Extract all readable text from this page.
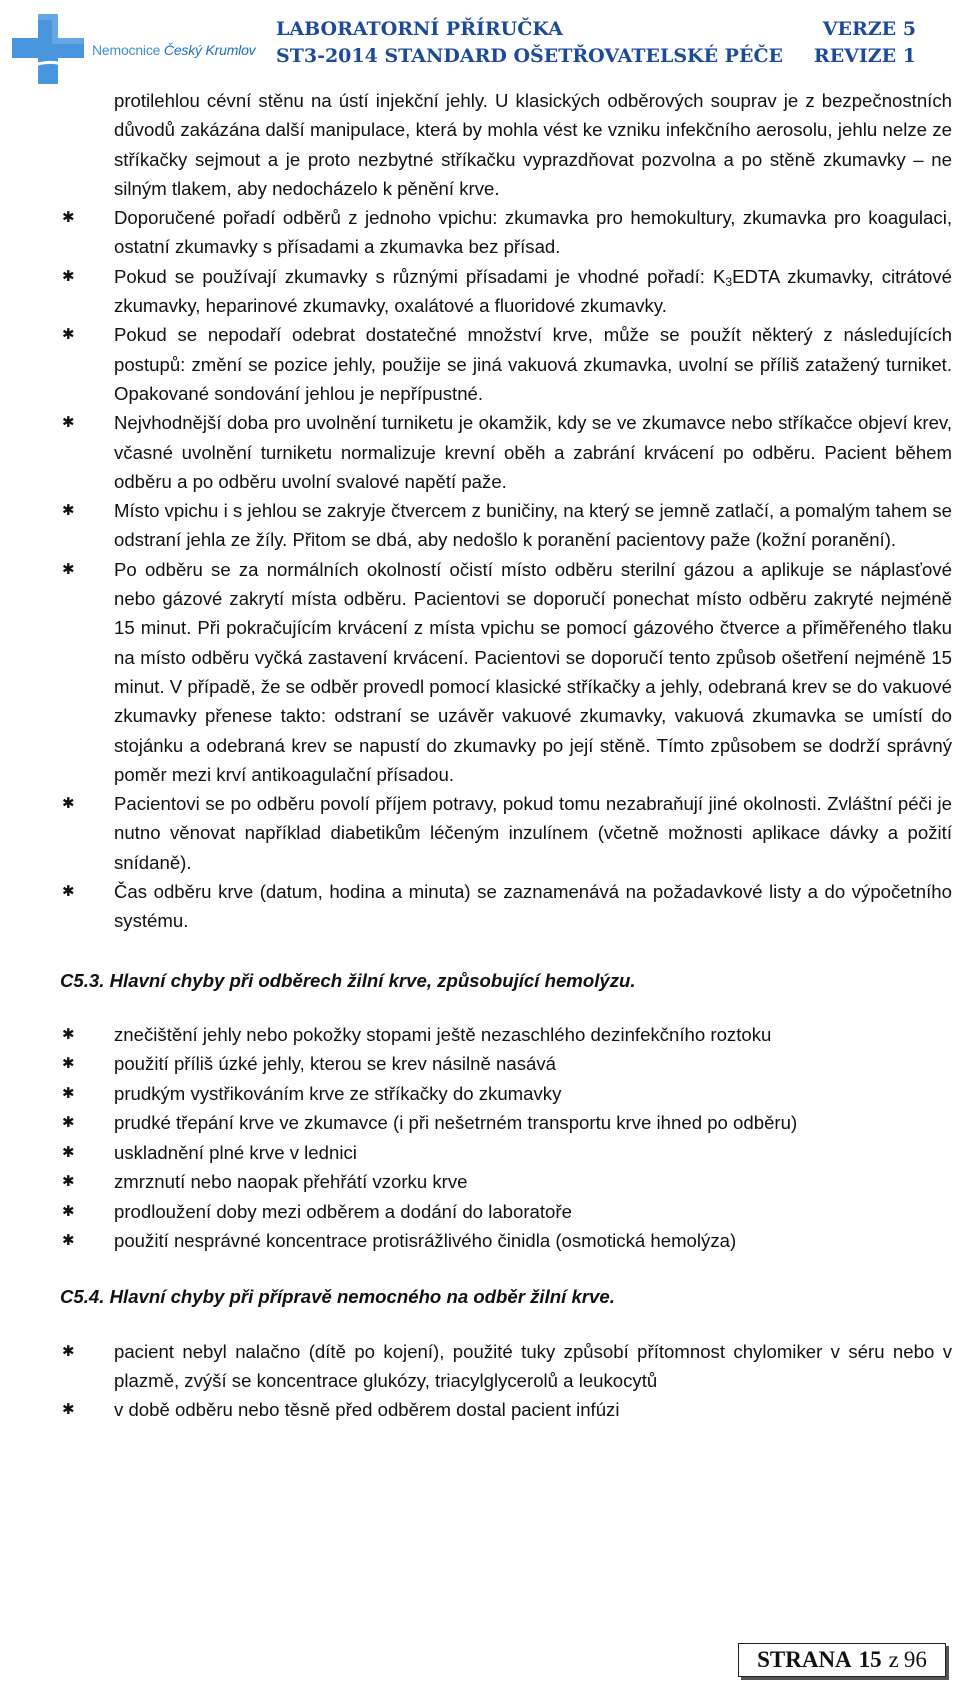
Nemocnice Český Krumlov
LABORATORNÍ PŘÍRUČKA	VERZE 5
ST3-2014 STANDARD OŠETŘOVATELSKÉ PÉČE REVIZE 1

protilehlou cévní stěnu na ústí injekční jehly. U klasických odběrových souprav je z bezpečnostních důvodů zakázána další manipulace, která by mohla vést ke vzniku infekčního aerosolu, jehlu nelze ze stříkačky sejmout a je proto nezbytné stříkačku vyprazdňovat pozvolna a po stěně zkumavky – ne silným tlakem, aby nedocházelo k pěnění krve.

✱	Doporučené pořadí odběrů z jednoho vpichu: zkumavka pro hemokultury, zkumavka pro koagulaci, ostatní zkumavky s přísadami a zkumavka bez přísad.
✱	Pokud se používají zkumavky s různými přísadami je vhodné pořadí: $K_3EDTA$ zkumavky, citrátové zkumavky, heparinové zkumavky, oxalátové a fluoridové zkumavky.
✱	Pokud se nepodaří odebrat dostatečné množství krve, může se použít některý z následujících postupů: změní se pozice jehly, použije se jiná vakuová zkumavka, uvolní se příliš zatažený turniket. Opakované sondování jehlou je nepřípustné.
✱	Nejvhodnější doba pro uvolnění turniketu je okamžik, kdy se ve zkumavce nebo stříkačce objeví krev, včasné uvolnění turniketu normalizuje krevní oběh a zabrání krvácení po odběru. Pacient během odběru a po odběru uvolní svalové napětí paže.
✱	Místo vpichu i s jehlou se zakryje čtvercem z buničiny, na který se jemně zatlačí, a pomalým tahem se odstraní jehla ze žíly. Přitom se dbá, aby nedošlo k poranění pacientovy paže (kožní poranění).
✱	Po odběru se za normálních okolností očistí místo odběru sterilní gázou a aplikuje se náplasťové nebo gázové zakrytí místa odběru. Pacientovi se doporučí ponechat místo odběru zakryté nejméně 15 minut. Při pokračujícím krvácení z místa vpichu se pomocí gázového čtverce a přiměřeného tlaku na místo odběru vyčká zastavení krvácení. Pacientovi se doporučí tento způsob ošetření nejméně 15 minut. V případě, že se odběr provedl pomocí klasické stříkačky a jehly, odebraná krev se do vakuové zkumavky přenese takto: odstraní se uzávěr vakuové zkumavky, vakuová zkumavka se umístí do stojánku a odebraná krev se napustí do zkumavky po její stěně. Tímto způsobem se dodrží správný poměr mezi krví antikoagulační přísadou.
✱	Pacientovi se po odběru povolí příjem potravy, pokud tomu nezabraňují jiné okolnosti. Zvláštní péči je nutno věnovat například diabetikům léčeným inzulínem (včetně možnosti aplikace dávky a požití snídaně).
✱	Čas odběru krve (datum, hodina a minuta) se zaznamenává na požadavkové listy a do výpočetního systému.
C5.3. Hlavní chyby při odběrech žilní krve, způsobující hemolýzu.
✱	znečištění jehly nebo pokožky stopami ještě nezaschlého dezinfekčního roztoku
✱	použití příliš úzké jehly, kterou se krev násilně nasává
✱	prudkým vystřikováním krve ze stříkačky do zkumavky
✱	prudké třepání krve ve zkumavce (i při nešetrném transportu krve ihned po odběru)
✱	uskladnění plné krve v lednici
✱	zmrznutí nebo naopak přehřátí vzorku krve
✱	prodloužení doby mezi odběrem a dodání do laboratoře
✱	použití nesprávné koncentrace protisrážlivého činidla (osmotická hemolýza)
C5.4. Hlavní chyby při přípravě nemocného na odběr žilní krve.
✱	pacient nebyl nalačno (dítě po kojení), použité tuky způsobí přítomnost chylomiker v séru nebo v plazmě, zvýší se koncentrace glukózy, triacylglycerolů a leukocytů
✱	v době odběru nebo těsně před odběrem dostal pacient infúzi
STRANA 15 z 96
